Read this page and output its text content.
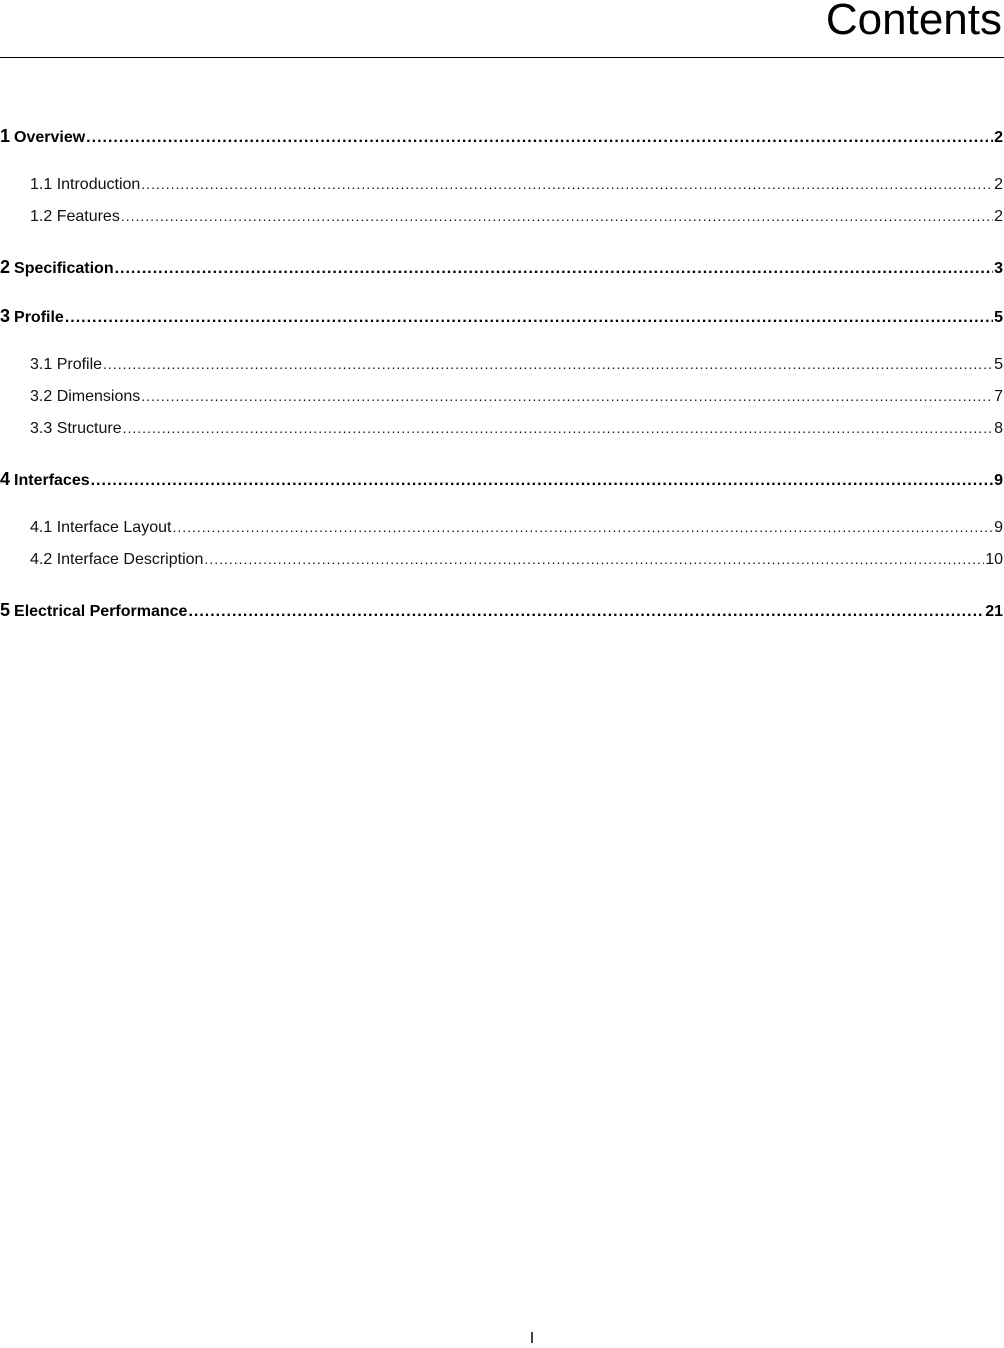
Contents
1 Overview .....	2
1.1 Introduction .....	2
1.2 Features .....	2
2 Specification .....	3
3 Profile .....	5
3.1 Profile .....	5
3.2 Dimensions .....	7
3.3 Structure .....	8
4 Interfaces .....	9
4.1 Interface Layout .....	9
4.2 Interface Description .....	10
5 Electrical Performance .....	21
I
